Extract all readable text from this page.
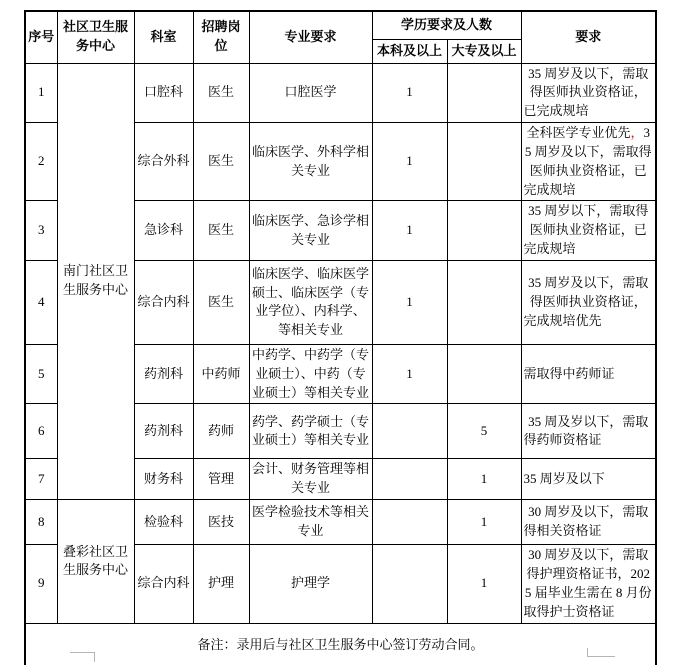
序号	社区卫生服务中心	科室	招聘岗位	专业要求	学历要求及人数		要求
					本科及以上	大专及以上	
1	南门社区卫生服务中心	口腔科	医生	口腔医学	1		35 周岁及以下，需取得医师执业资格证，已完成规培
2		综合外科	医生	临床医学、外科学相关专业	1		全科医学专业优先，35 周岁及以下，需取得医师执业资格证，已完成规培
3		急诊科	医生	临床医学、急诊学相关专业	1		35 周岁以下，需取得医师执业资格证，已完成规培
4		综合内科	医生	临床医学、临床医学硕士、临床医学（专业学位）、内科学、等相关专业	1		35 周岁及以下，需取得医师执业资格证，完成规培优先
5		药剂科	中药师	中药学、中药学（专业硕士）、中药（专业硕士）等相关专业	1		需取得中药师证
6		药剂科	药师	药学、药学硕士（专业硕士）等相关专业		5	35 周及岁以下，需取得药师资格证
7		财务科	管理	会计、财务管理等相关专业		1	35 周岁及以下
8	叠彩社区卫生服务中心	检验科	医技	医学检验技术等相关专业		1	30 周岁及以下，需取得相关资格证
9		综合内科	护理	护理学		1	30 周岁及以下，需取得护理资格证书，2025 届毕业生需在 8 月份取得护士资格证
备注：录用后与社区卫生服务中心签订劳动合同。							
